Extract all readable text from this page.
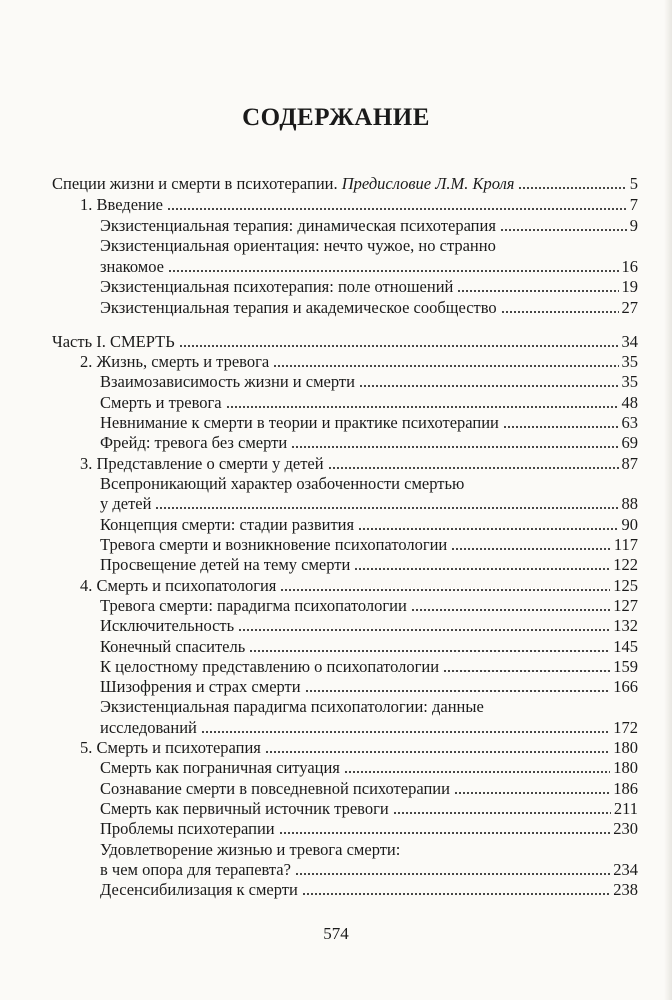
СОДЕРЖАНИЕ
Специи жизни и смерти в психотерапии. Предисловие Л.М. Кроля	5
1. Введение	7
Экзистенциальная терапия: динамическая психотерапия	9
Экзистенциальная ориентация: нечто чужое, но странно
знакомое	16
Экзистенциальная психотерапия: поле отношений	19
Экзистенциальная терапия и академическое сообщество	27
Часть I. СМЕРТЬ	34
2. Жизнь, смерть и тревога	35
Взаимозависимость жизни и смерти	35
Смерть и тревога	48
Невнимание к смерти в теории и практике психотерапии	63
Фрейд: тревога без смерти	69
3. Представление о смерти у детей	87
Всепроникающий характер озабоченности смертью
у детей	88
Концепция смерти: стадии развития	90
Тревога смерти и возникновение психопатологии	117
Просвещение детей на тему смерти	122
4. Смерть и психопатология	125
Тревога смерти: парадигма психопатологии	127
Исключительность	132
Конечный спаситель	145
К целостному представлению о психопатологии	159
Шизофрения и страх смерти	166
Экзистенциальная парадигма психопатологии: данные
исследований	172
5. Смерть и психотерапия	180
Смерть как пограничная ситуация	180
Сознавание смерти в повседневной психотерапии	186
Смерть как первичный источник тревоги	211
Проблемы психотерапии	230
Удовлетворение жизнью и тревога смерти:
в чем опора для терапевта?	234
Десенсибилизация к смерти	238
574
